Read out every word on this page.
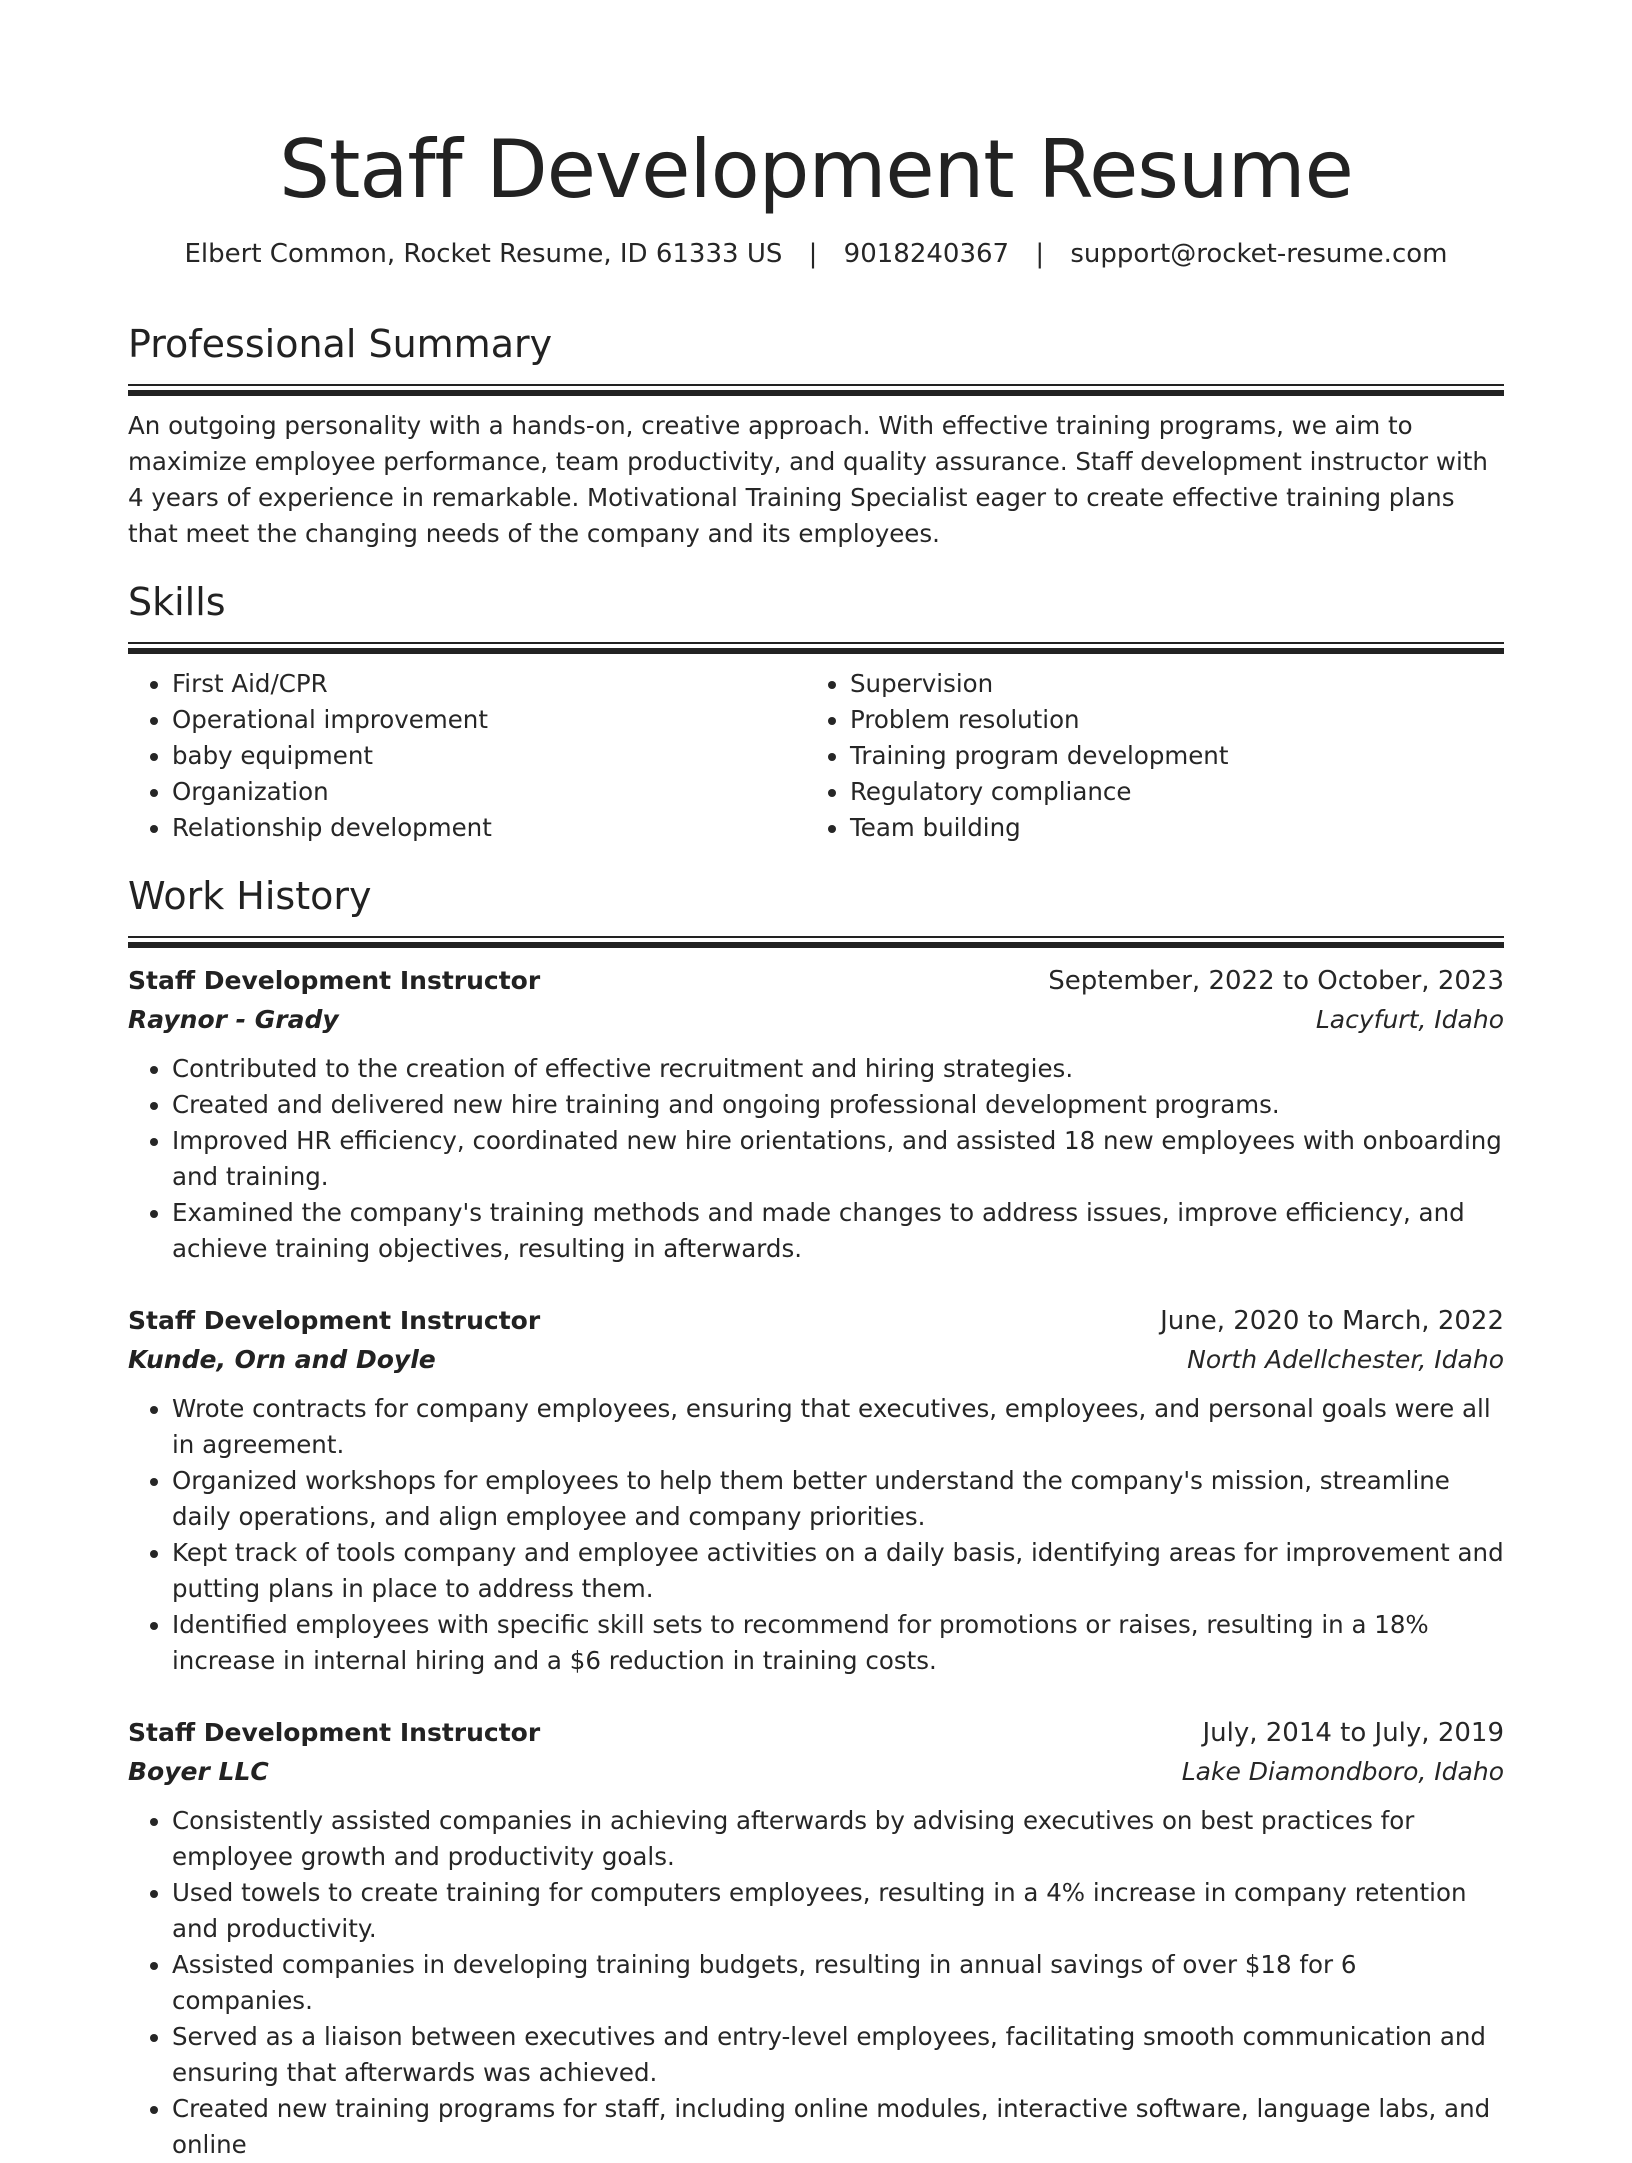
Staff Development Resume
Elbert Common, Rocket Resume, ID 61333 US | 9018240367 | support@rocket-resume.com
Professional Summary

An outgoing personality with a hands-on, creative approach. With effective training programs, we aim to maximize employee performance, team productivity, and quality assurance. Staff development instructor with 4 years of experience in remarkable. Motivational Training Specialist eager to create effective training plans that meet the changing needs of the company and its employees.

Skills
• First Aid/CPR
• Operational improvement
• baby equipment
• Organization
• Relationship development
• Supervision
• Problem resolution
• Training program development
• Regulatory compliance
• Team building
Work History
Staff Development Instructor	September, 2022 to October, 2023
Raynor - Grady	Lacyfurt, Idaho
• Contributed to the creation of effective recruitment and hiring strategies.
• Created and delivered new hire training and ongoing professional development programs.
• Improved HR efficiency, coordinated new hire orientations, and assisted 18 new employees with onboarding and training.
• Examined the company's training methods and made changes to address issues, improve efficiency, and achieve training objectives, resulting in afterwards.
Staff Development Instructor	June, 2020 to March, 2022
Kunde, Orn and Doyle	North Adellchester, Idaho
• Wrote contracts for company employees, ensuring that executives, employees, and personal goals were all in agreement.
• Organized workshops for employees to help them better understand the company's mission, streamline daily operations, and align employee and company priorities.
• Kept track of tools company and employee activities on a daily basis, identifying areas for improvement and putting plans in place to address them.
• Identified employees with specific skill sets to recommend for promotions or raises, resulting in a 18% increase in internal hiring and a $6 reduction in training costs.
Staff Development Instructor	July, 2014 to July, 2019
Boyer LLC	Lake Diamondboro, Idaho
• Consistently assisted companies in achieving afterwards by advising executives on best practices for employee growth and productivity goals.
• Used towels to create training for computers employees, resulting in a 4% increase in company retention and productivity.
• Assisted companies in developing training budgets, resulting in annual savings of over $18 for 6 companies.
• Served as a liaison between executives and entry-level employees, facilitating smooth communication and ensuring that afterwards was achieved.
• Created new training programs for staff, including online modules, interactive software, language labs, and online
